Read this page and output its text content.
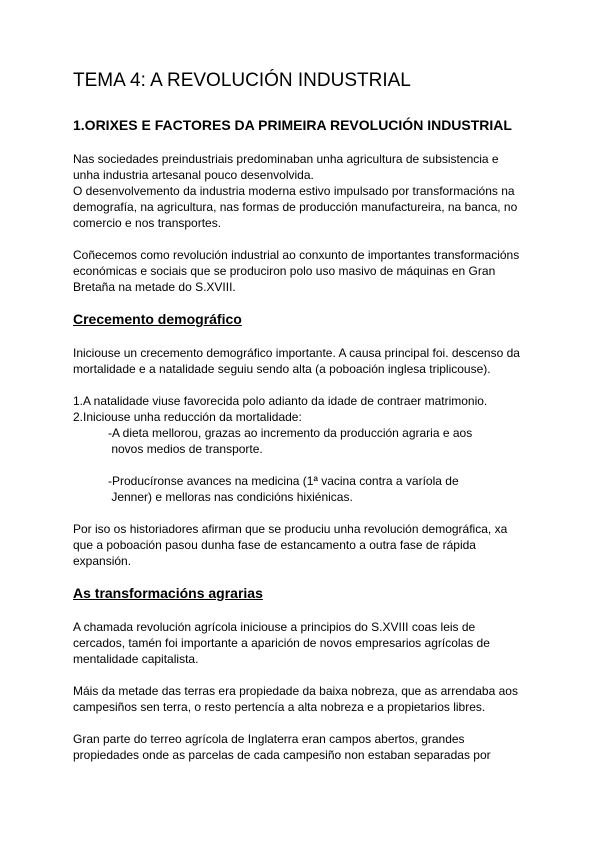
TEMA 4: A REVOLUCIÓN INDUSTRIAL
1.ORIXES E FACTORES DA PRIMEIRA REVOLUCIÓN INDUSTRIAL
Nas sociedades preindustriais predominaban unha agricultura de subsistencia e
unha industria artesanal pouco desenvolvida.
O desenvolvemento da industria moderna estivo impulsado por transformacións na
demografía, na agricultura, nas formas de producción manufactureira, na banca, no
comercio e nos transportes.
Coñecemos como revolución industrial ao conxunto de importantes transformacións
económicas e sociais que se produciron polo uso masivo de máquinas en Gran
Bretaña na metade do S.XVIII.
Crecemento demográfico
Iniciouse un crecemento demográfico importante. A causa principal foi. descenso da
mortalidade e a natalidade seguiu sendo alta (a poboación inglesa triplicouse).
1.A natalidade viuse favorecida polo adianto da idade de contraer matrimonio.
2.Iniciouse unha reducción da mortalidade:
-A dieta mellorou, grazas ao incremento da producción agraria e aos
novos medios de transporte.
-Producíronse avances na medicina (1ª vacina contra a varíola de
Jenner) e melloras nas condicións hixiénicas.
Por iso os historiadores afirman que se produciu unha revolución demográfica, xa
que a poboación pasou dunha fase de estancamento a outra fase de rápida
expansión.
As transformacións agrarias
A chamada revolución agrícola iniciouse a principios do S.XVIII coas leis de
cercados, tamén foi importante a aparición de novos empresarios agrícolas de
mentalidade capitalista.
Máis da metade das terras era propiedade da baixa nobreza, que as arrendaba aos
campesiños sen terra, o resto pertencía a alta nobreza e a propietarios libres.
Gran parte do terreo agrícola de Inglaterra eran campos abertos, grandes
propiedades onde as parcelas de cada campesiño non estaban separadas por
